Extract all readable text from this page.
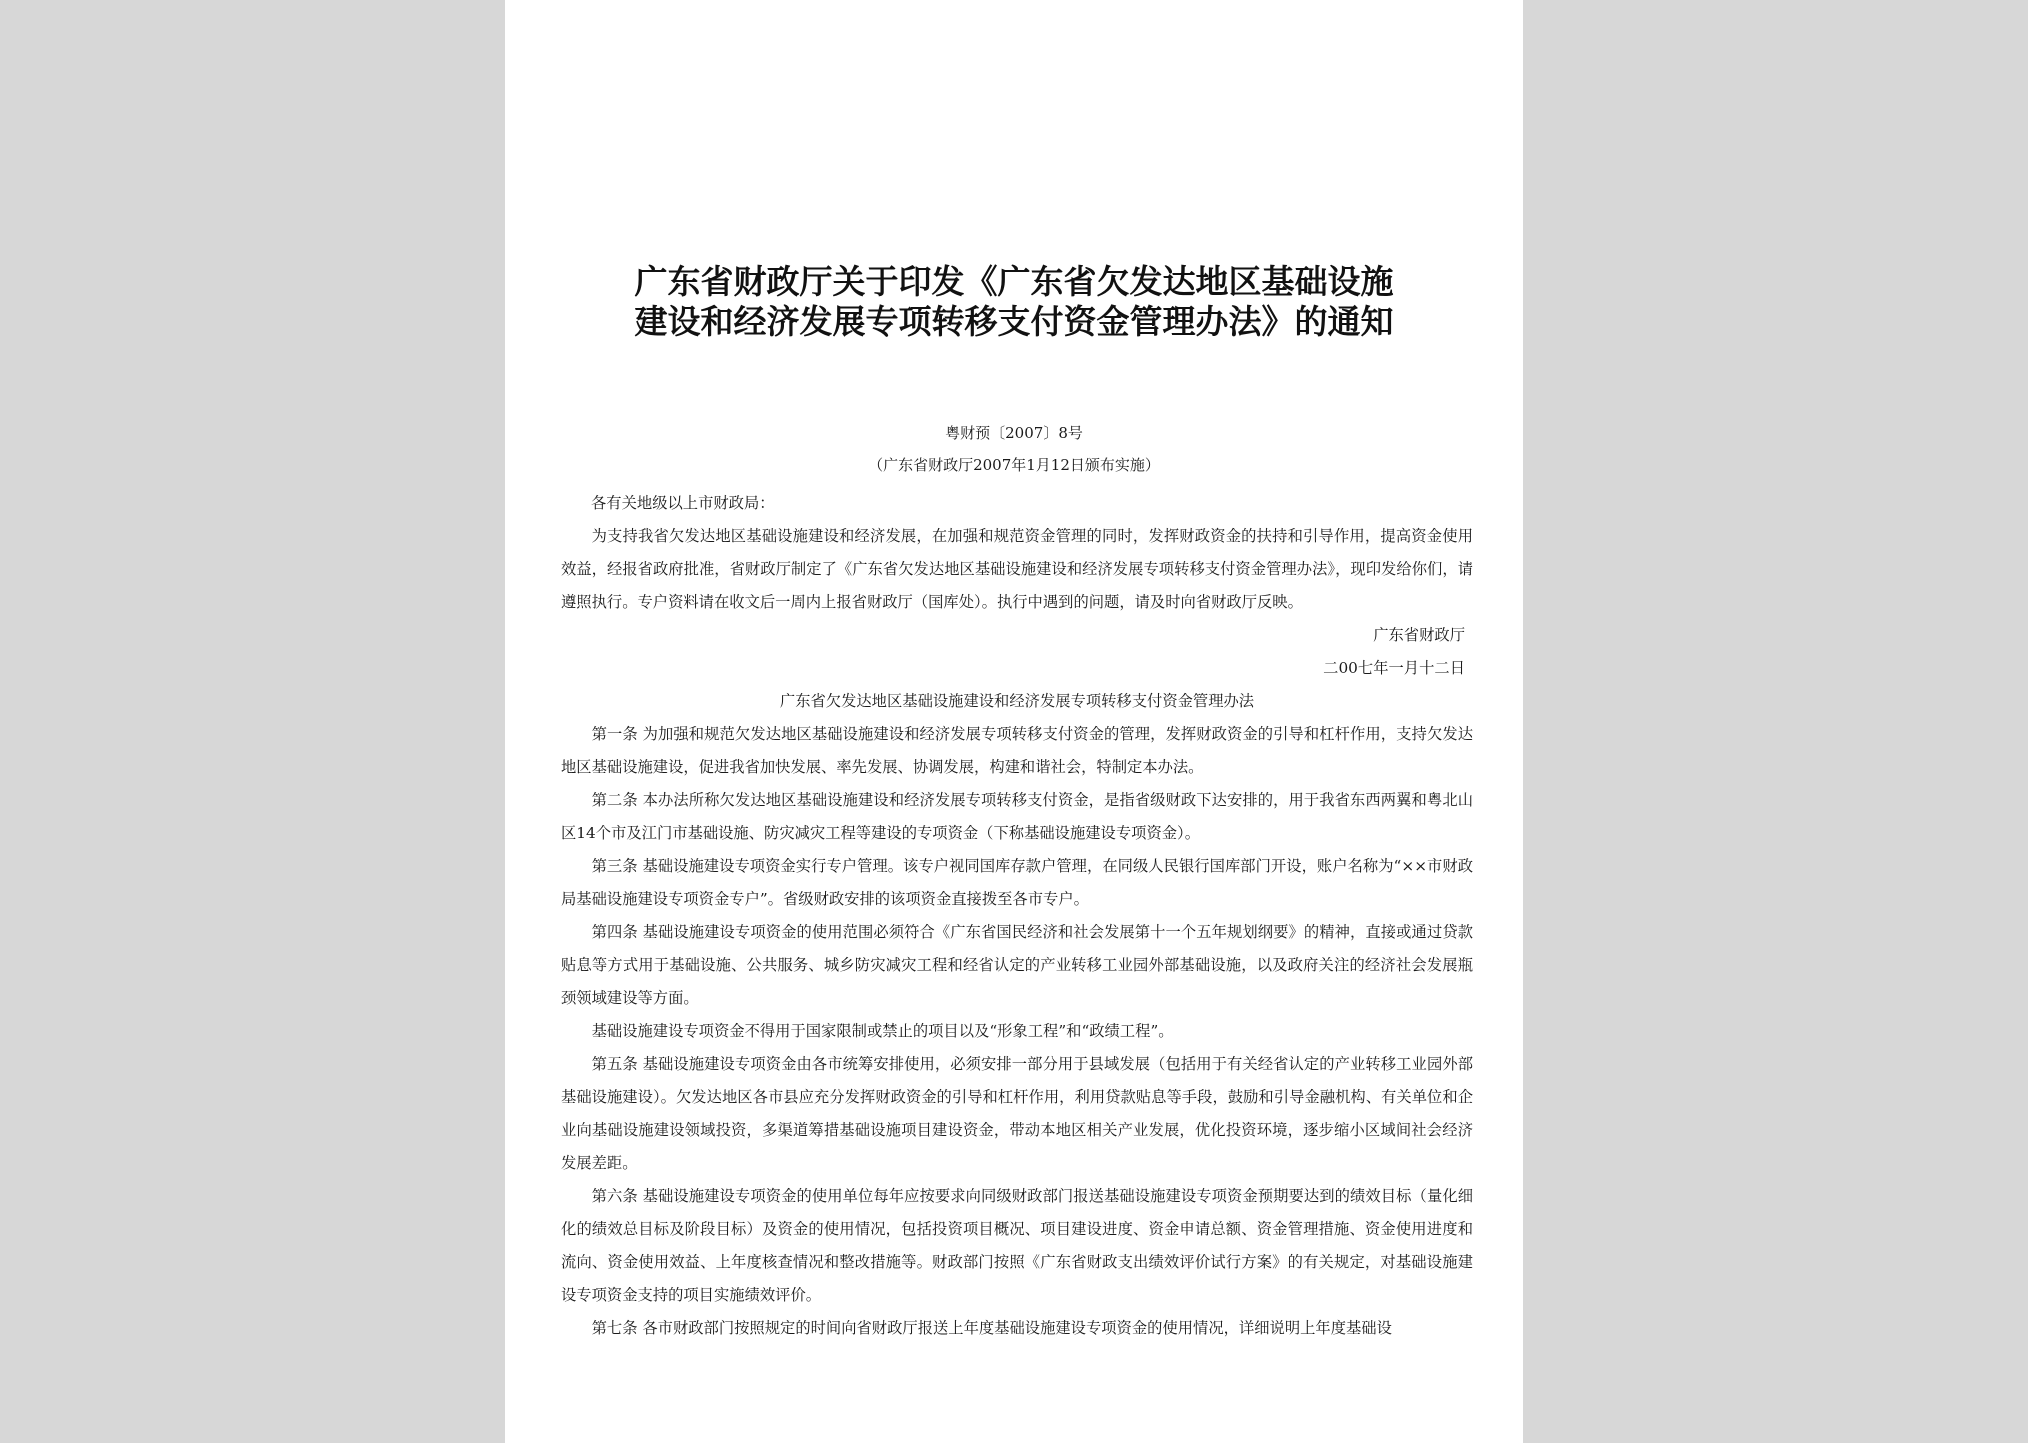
广东省财政厅关于印发《广东省欠发达地区基础设施
建设和经济发展专项转移支付资金管理办法》的通知
粤财预〔2007〕8号
（广东省财政厅2007年1月12日颁布实施）

各有关地级以上市财政局：

为支持我省欠发达地区基础设施建设和经济发展，在加强和规范资金管理的同时，发挥财政资金的扶持和引导作用，提高资金使用效益，经报省政府批准，省财政厅制定了《广东省欠发达地区基础设施建设和经济发展专项转移支付资金管理办法》，现印发给你们，请遵照执行。专户资料请在收文后一周内上报省财政厅（国库处）。执行中遇到的问题，请及时向省财政厅反映。

广东省财政厅

二00七年一月十二日

广东省欠发达地区基础设施建设和经济发展专项转移支付资金管理办法

第一条 为加强和规范欠发达地区基础设施建设和经济发展专项转移支付资金的管理，发挥财政资金的引导和杠杆作用，支持欠发达地区基础设施建设，促进我省加快发展、率先发展、协调发展，构建和谐社会，特制定本办法。

第二条 本办法所称欠发达地区基础设施建设和经济发展专项转移支付资金，是指省级财政下达安排的，用于我省东西两翼和粤北山区14个市及江门市基础设施、防灾减灾工程等建设的专项资金（下称基础设施建设专项资金）。

第三条 基础设施建设专项资金实行专户管理。该专户视同国库存款户管理，在同级人民银行国库部门开设，账户名称为“××市财政局基础设施建设专项资金专户”。省级财政安排的该项资金直接拨至各市专户。

第四条 基础设施建设专项资金的使用范围必须符合《广东省国民经济和社会发展第十一个五年规划纲要》的精神，直接或通过贷款贴息等方式用于基础设施、公共服务、城乡防灾减灾工程和经省认定的产业转移工业园外部基础设施，以及政府关注的经济社会发展瓶颈领域建设等方面。

基础设施建设专项资金不得用于国家限制或禁止的项目以及“形象工程”和“政绩工程”。

第五条 基础设施建设专项资金由各市统筹安排使用，必须安排一部分用于县域发展（包括用于有关经省认定的产业转移工业园外部基础设施建设）。欠发达地区各市县应充分发挥财政资金的引导和杠杆作用，利用贷款贴息等手段，鼓励和引导金融机构、有关单位和企业向基础设施建设领域投资，多渠道筹措基础设施项目建设资金，带动本地区相关产业发展，优化投资环境，逐步缩小区域间社会经济发展差距。

第六条 基础设施建设专项资金的使用单位每年应按要求向同级财政部门报送基础设施建设专项资金预期要达到的绩效目标（量化细化的绩效总目标及阶段目标）及资金的使用情况，包括投资项目概况、项目建设进度、资金申请总额、资金管理措施、资金使用进度和流向、资金使用效益、上年度核查情况和整改措施等。财政部门按照《广东省财政支出绩效评价试行方案》的有关规定，对基础设施建设专项资金支持的项目实施绩效评价。

第七条 各市财政部门按照规定的时间向省财政厅报送上年度基础设施建设专项资金的使用情况，详细说明上年度基础设
